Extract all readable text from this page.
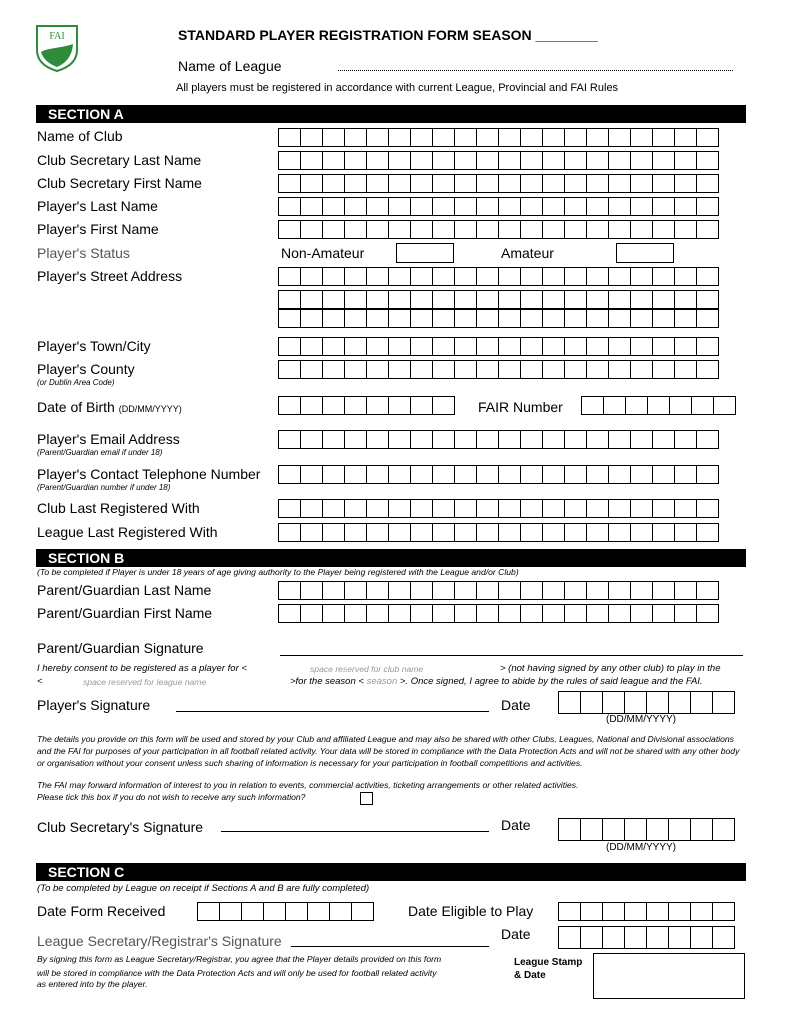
FAI	STANDARD PLAYER REGISTRATION FORM SEASON ________
Name of League
All players must be registered in accordance with current League, Provincial and FAI Rules
SECTION A
Name of Club
Club Secretary Last Name
Club Secretary First Name
Player's Last Name
Player's First Name
Player's Status	Non-Amateur	Amateur
Player's Street Address
Player's Town/City
Player's County
(or Dublin Area Code)
Date of Birth (DD/MM/YYYY)	FAIR Number
Player's Email Address
(Parent/Guardian email if under 18)
Player's Contact Telephone Number
(Parent/Guardian number if under 18)
Club Last Registered With
League Last Registered With
SECTION B
(To be completed if Player is under 18 years of age giving authority to the Player being registered with the League and/or Club)
Parent/Guardian Last Name
Parent/Guardian First Name
Parent/Guardian Signature
I hereby consent to be registered as a player for <	space reserved for club name	> (not having signed by any other club) to play in the
<	space reserved for league name	>for the season < season >. Once signed, I agree to abide by the rules of said league and the FAI.
Player's Signature	Date
(DD/MM/YYYY)
The details you provide on this form will be used and stored by your Club and affiliated League and may also be shared with other Clubs, Leagues, National and Divisional associations and the FAI for purposes of your participation in all football related activity. Your data will be stored in compliance with the Data Protection Acts and will not be shared with any other body or organisation without your consent unless such sharing of information is necessary for your participation in football competitions and activities.
The FAI may forward information of interest to you in relation to events, commercial activities, ticketing arrangements or other related activities.
Please tick this box if you do not wish to receive any such information?
Club Secretary's Signature	Date
(DD/MM/YYYY)
SECTION C
(To be completed by League on receipt if Sections A and B are fully completed)
Date Form Received	Date Eligible to Play
League Secretary/Registrar's Signature	Date
By signing this form as League Secretary/Registrar, you agree that the Player details provided on this form
will be stored in compliance with the Data Protection Acts and will only be used for football related activity
as entered into by the player.
League Stamp
& Date
